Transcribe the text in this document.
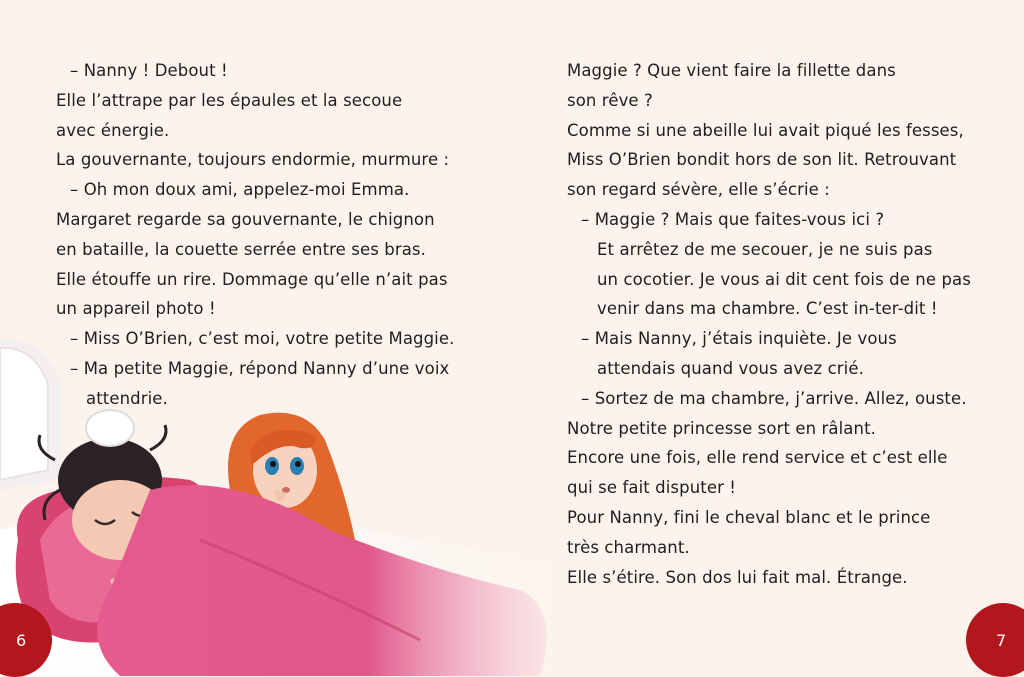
– Nanny ! Debout !
Elle l’attrape par les épaules et la secoue
avec énergie.
La gouvernante, toujours endormie, murmure :
– Oh mon doux ami, appelez-moi Emma.
Margaret regarde sa gouvernante, le chignon
en bataille, la couette serrée entre ses bras.
Elle étouffe un rire. Dommage qu’elle n’ait pas
un appareil photo !
– Miss O’Brien, c’est moi, votre petite Maggie.
– Ma petite Maggie, répond Nanny d’une voix
attendrie.
6
Maggie ? Que vient faire la fillette dans
son rêve ?
Comme si une abeille lui avait piqué les fesses,
Miss O’Brien bondit hors de son lit. Retrouvant
son regard sévère, elle s’écrie :
– Maggie ? Mais que faites-vous ici ?
Et arrêtez de me secouer, je ne suis pas
un cocotier. Je vous ai dit cent fois de ne pas
venir dans ma chambre. C’est in-ter-dit !
– Mais Nanny, j’étais inquiète. Je vous
attendais quand vous avez crié.
– Sortez de ma chambre, j’arrive. Allez, ouste.
Notre petite princesse sort en râlant.
Encore une fois, elle rend service et c’est elle
qui se fait disputer !
Pour Nanny, fini le cheval blanc et le prince
très charmant.
Elle s’étire. Son dos lui fait mal. Étrange.
7
